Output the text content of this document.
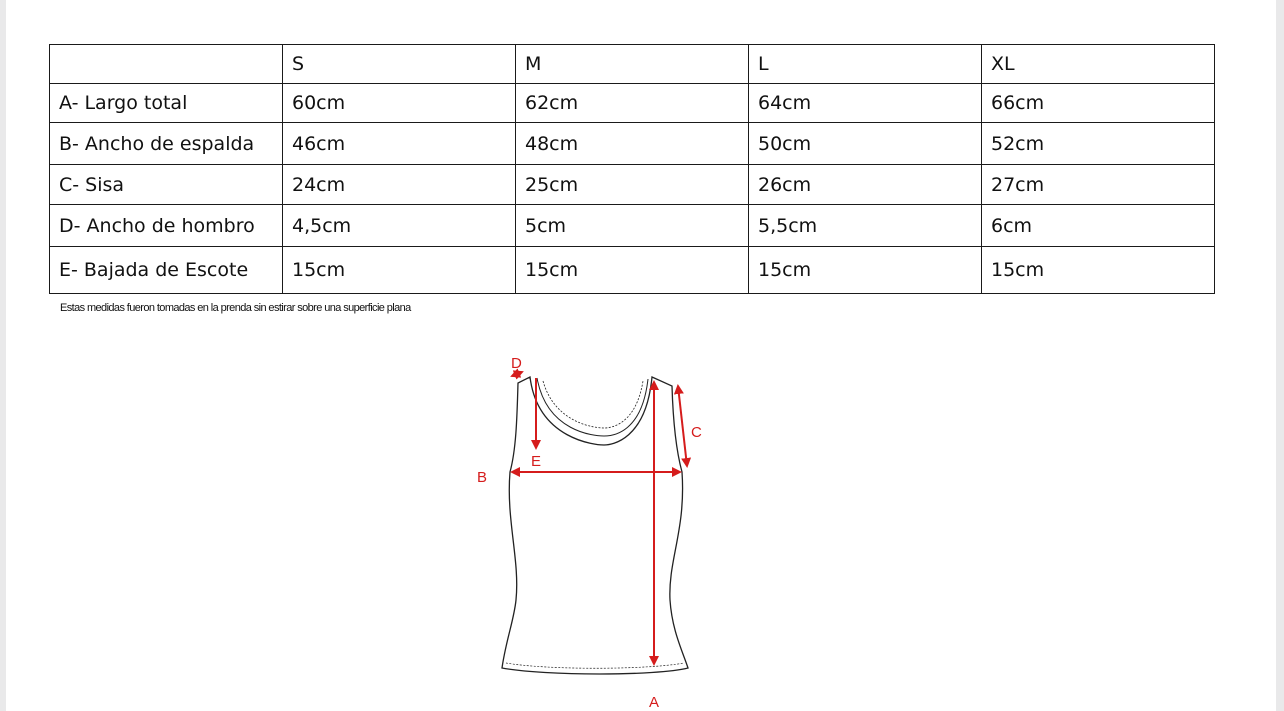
	S	M	L	XL
A- Largo total	60cm	62cm	64cm	66cm
B- Ancho de espalda	46cm	48cm	50cm	52cm
C- Sisa	24cm	25cm	26cm	27cm
D- Ancho de hombro	4,5cm	5cm	5,5cm	6cm
E- Bajada de Escote	15cm	15cm	15cm	15cm
Estas medidas fueron tomadas en la prenda sin estirar sobre una superficie plana
A
B
C
D
E
